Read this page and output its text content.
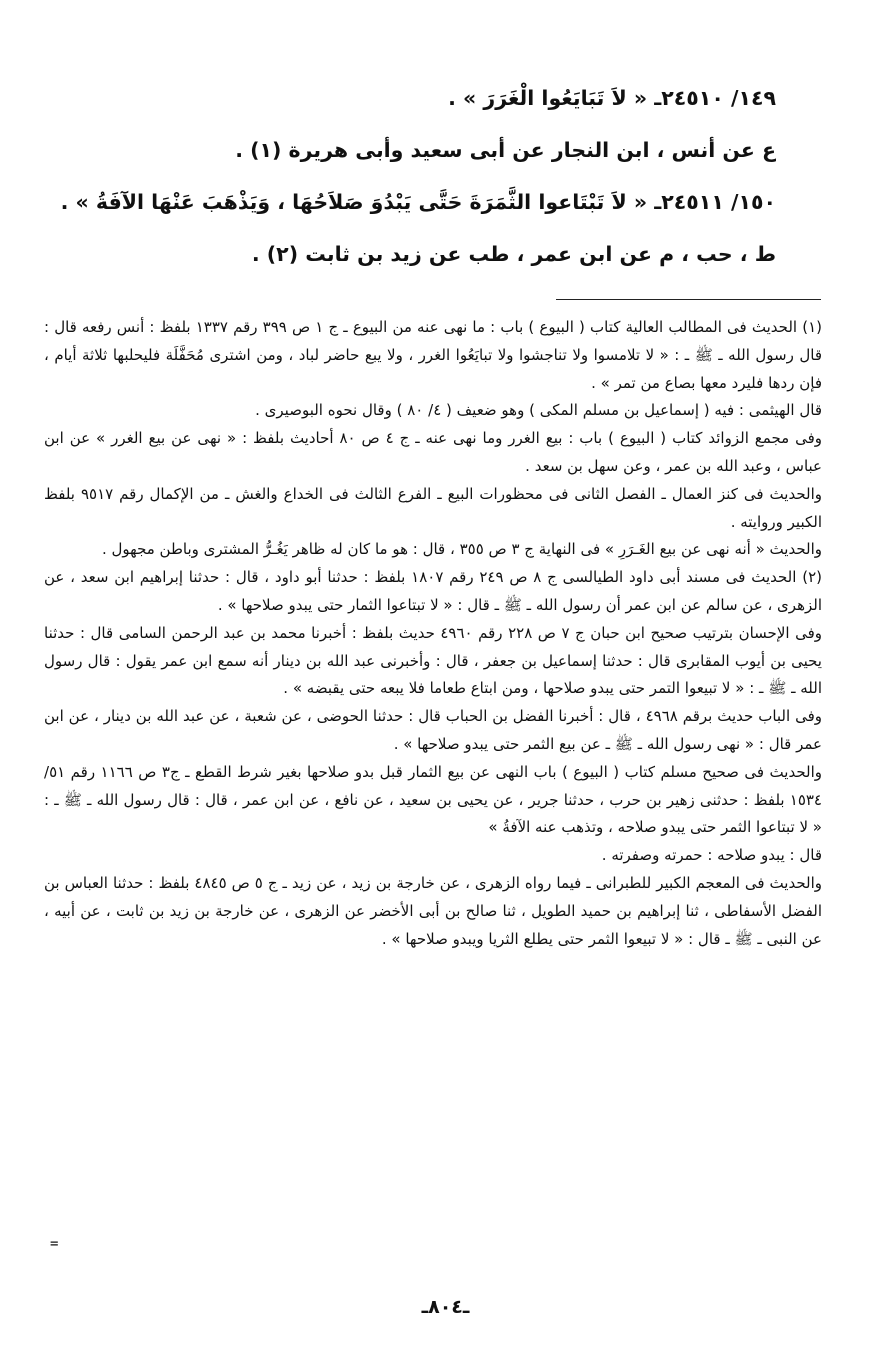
١٤٩/ ٢٤٥١٠ـ « لاَ تَبَايَعُوا الْغَرَرَ » .
ع عن أنس ، ابن النجار عن أبى سعيد وأبى هريرة (١) .
١٥٠/ ٢٤٥١١ـ « لاَ تَبْتَاعوا الثَّمَرَةَ حَتَّى يَبْدُوَ صَلاَحُهَا ، وَيَذْهَبَ عَنْهَا الآفَةُ » .
ط ، حب ، م عن ابن عمر ، طب عن زيد بن ثابت (٢) .

(١) الحديث فى المطالب العالية كتاب ( البيوع ) باب : ما نهى عنه من البيوع ـ ج ١ ص ٣٩٩ رقم ١٣٣٧ بلفظ : أنس رفعه قال : قال رسول الله ـ ﷺ ـ : « لا تلامسوا ولا تناجشوا ولا تبايَعُوا الغرر ، ولا يبع حاضر لباد ، ومن اشترى مُحَفَّلَة فليحلبها ثلاثة أيام ، فإن ردها فليرد معها بصاع من تمر » .

قال الهيثمى : فيه ( إسماعيل بن مسلم المكى ) وهو ضعيف ( ٤/ ٨٠ ) وقال نحوه البوصيرى .

وفى مجمع الزوائد كتاب ( البيوع ) باب : بيع الغرر وما نهى عنه ـ ج ٤ ص ٨٠ أحاديث بلفظ : « نهى عن بيع الغرر » عن ابن عباس ، وعبد الله بن عمر ، وعن سهل بن سعد .

والحديث فى كنز العمال ـ الفصل الثانى فى محظورات البيع ـ الفرع الثالث فى الخداع والغش ـ من الإكمال رقم ٩٥١٧ بلفظ الكبير وروايته .

والحديث « أنه نهى عن بيع الغَـرَرِ » فى النهاية ج ٣ ص ٣٥٥ ، قال : هو ما كان له ظاهر يَغُـرُّ المشترى وباطن مجهول .

(٢) الحديث فى مسند أبى داود الطيالسى ج ٨ ص ٢٤٩ رقم ١٨٠٧ بلفظ : حدثنا أبو داود ، قال : حدثنا إبراهيم ابن سعد ، عن الزهرى ، عن سالم عن ابن عمر أن رسول الله ـ ﷺ ـ قال : « لا تبتاعوا الثمار حتى يبدو صلاحها » .

وفى الإحسان بترتيب صحيح ابن حبان ج ٧ ص ٢٢٨ رقم ٤٩٦٠ حديث بلفظ : أخبرنا محمد بن عبد الرحمن السامى قال : حدثنا يحيى بن أيوب المقابرى قال : حدثنا إسماعيل بن جعفر ، قال : وأخبرنى عبد الله بن دينار أنه سمع ابن عمر يقول : قال رسول الله ـ ﷺ ـ : « لا تبيعوا التمر حتى يبدو صلاحها ، ومن ابتاع طعاما فلا يبعه حتى يقبضه » .

وفى الباب حديث برقم ٤٩٦٨ ، قال : أخبرنا الفضل بن الحباب قال : حدثنا الحوضى ، عن شعبة ، عن عبد الله بن دينار ، عن ابن عمر قال : « نهى رسول الله ـ ﷺ ـ عن بيع الثمر حتى يبدو صلاحها » .

والحديث فى صحيح مسلم كتاب ( البيوع ) باب النهى عن بيع الثمار قبل بدو صلاحها بغير شرط القطع ـ ج٣ ص ١١٦٦ رقم ٥١/ ١٥٣٤ بلفظ : حدثنى زهير بن حرب ، حدثنا جرير ، عن يحيى بن سعيد ، عن نافع ، عن ابن عمر ، قال : قال رسول الله ـ ﷺ ـ : « لا تبتاعوا الثمر حتى يبدو صلاحه ، وتذهب عنه الآفةُ »

قال : يبدو صلاحه : حمرته وصفرته .

والحديث فى المعجم الكبير للطبرانى ـ فيما رواه الزهرى ، عن خارجة بن زيد ، عن زيد ـ ج ٥ ص ٤٨٤٥ بلفظ : حدثنا العباس بن الفضل الأسفاطى ، ثنا إبراهيم بن حميد الطويل ، ثنا صالح بن أبى الأخضر عن الزهرى ، عن خارجة بن زيد بن ثابت ، عن أبيه ، عن النبى ـ ﷺ ـ قال : « لا تبيعوا الثمر حتى يطلع الثريا ويبدو صلاحها » .

=
ـ٨٠٤ـ
